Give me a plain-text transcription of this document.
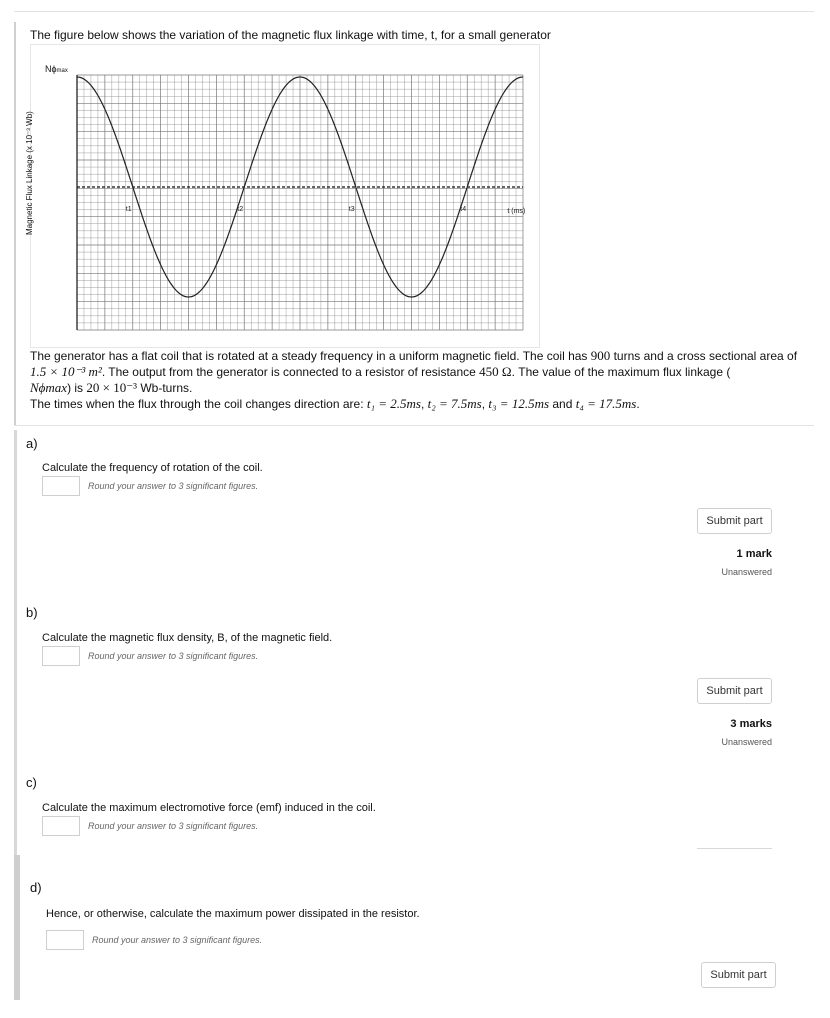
The figure below shows the variation of the magnetic flux linkage with time, t, for a small generator
Magnetic Flux Linkage (x 10⁻³ Wb)
Nϕmax
t1	t2	t3	t4	t (ms)
The generator has a flat coil that is rotated at a steady frequency in a uniform magnetic field. The coil has 900 turns and a cross sectional area of 1.5 × 10⁻³ m². The output from the generator is connected to a resistor of resistance 450 Ω. The value of the maximum flux linkage (
Nϕmax) is 20 × 10⁻³ Wb-turns.
The times when the flux through the coil changes direction are: t₁ = 2.5ms, t₂ = 7.5ms, t₃ = 12.5ms and t₄ = 17.5ms.
a)
Calculate the frequency of rotation of the coil.
Round your answer to 3 significant figures.
Submit part
1 mark
Unanswered
b)
Calculate the magnetic flux density, B, of the magnetic field.
Round your answer to 3 significant figures.
Submit part
3 marks
Unanswered
c)
Calculate the maximum electromotive force (emf) induced in the coil.
Round your answer to 3 significant figures.
d)
Hence, or otherwise, calculate the maximum power dissipated in the resistor.
Round your answer to 3 significant figures.
Submit part
